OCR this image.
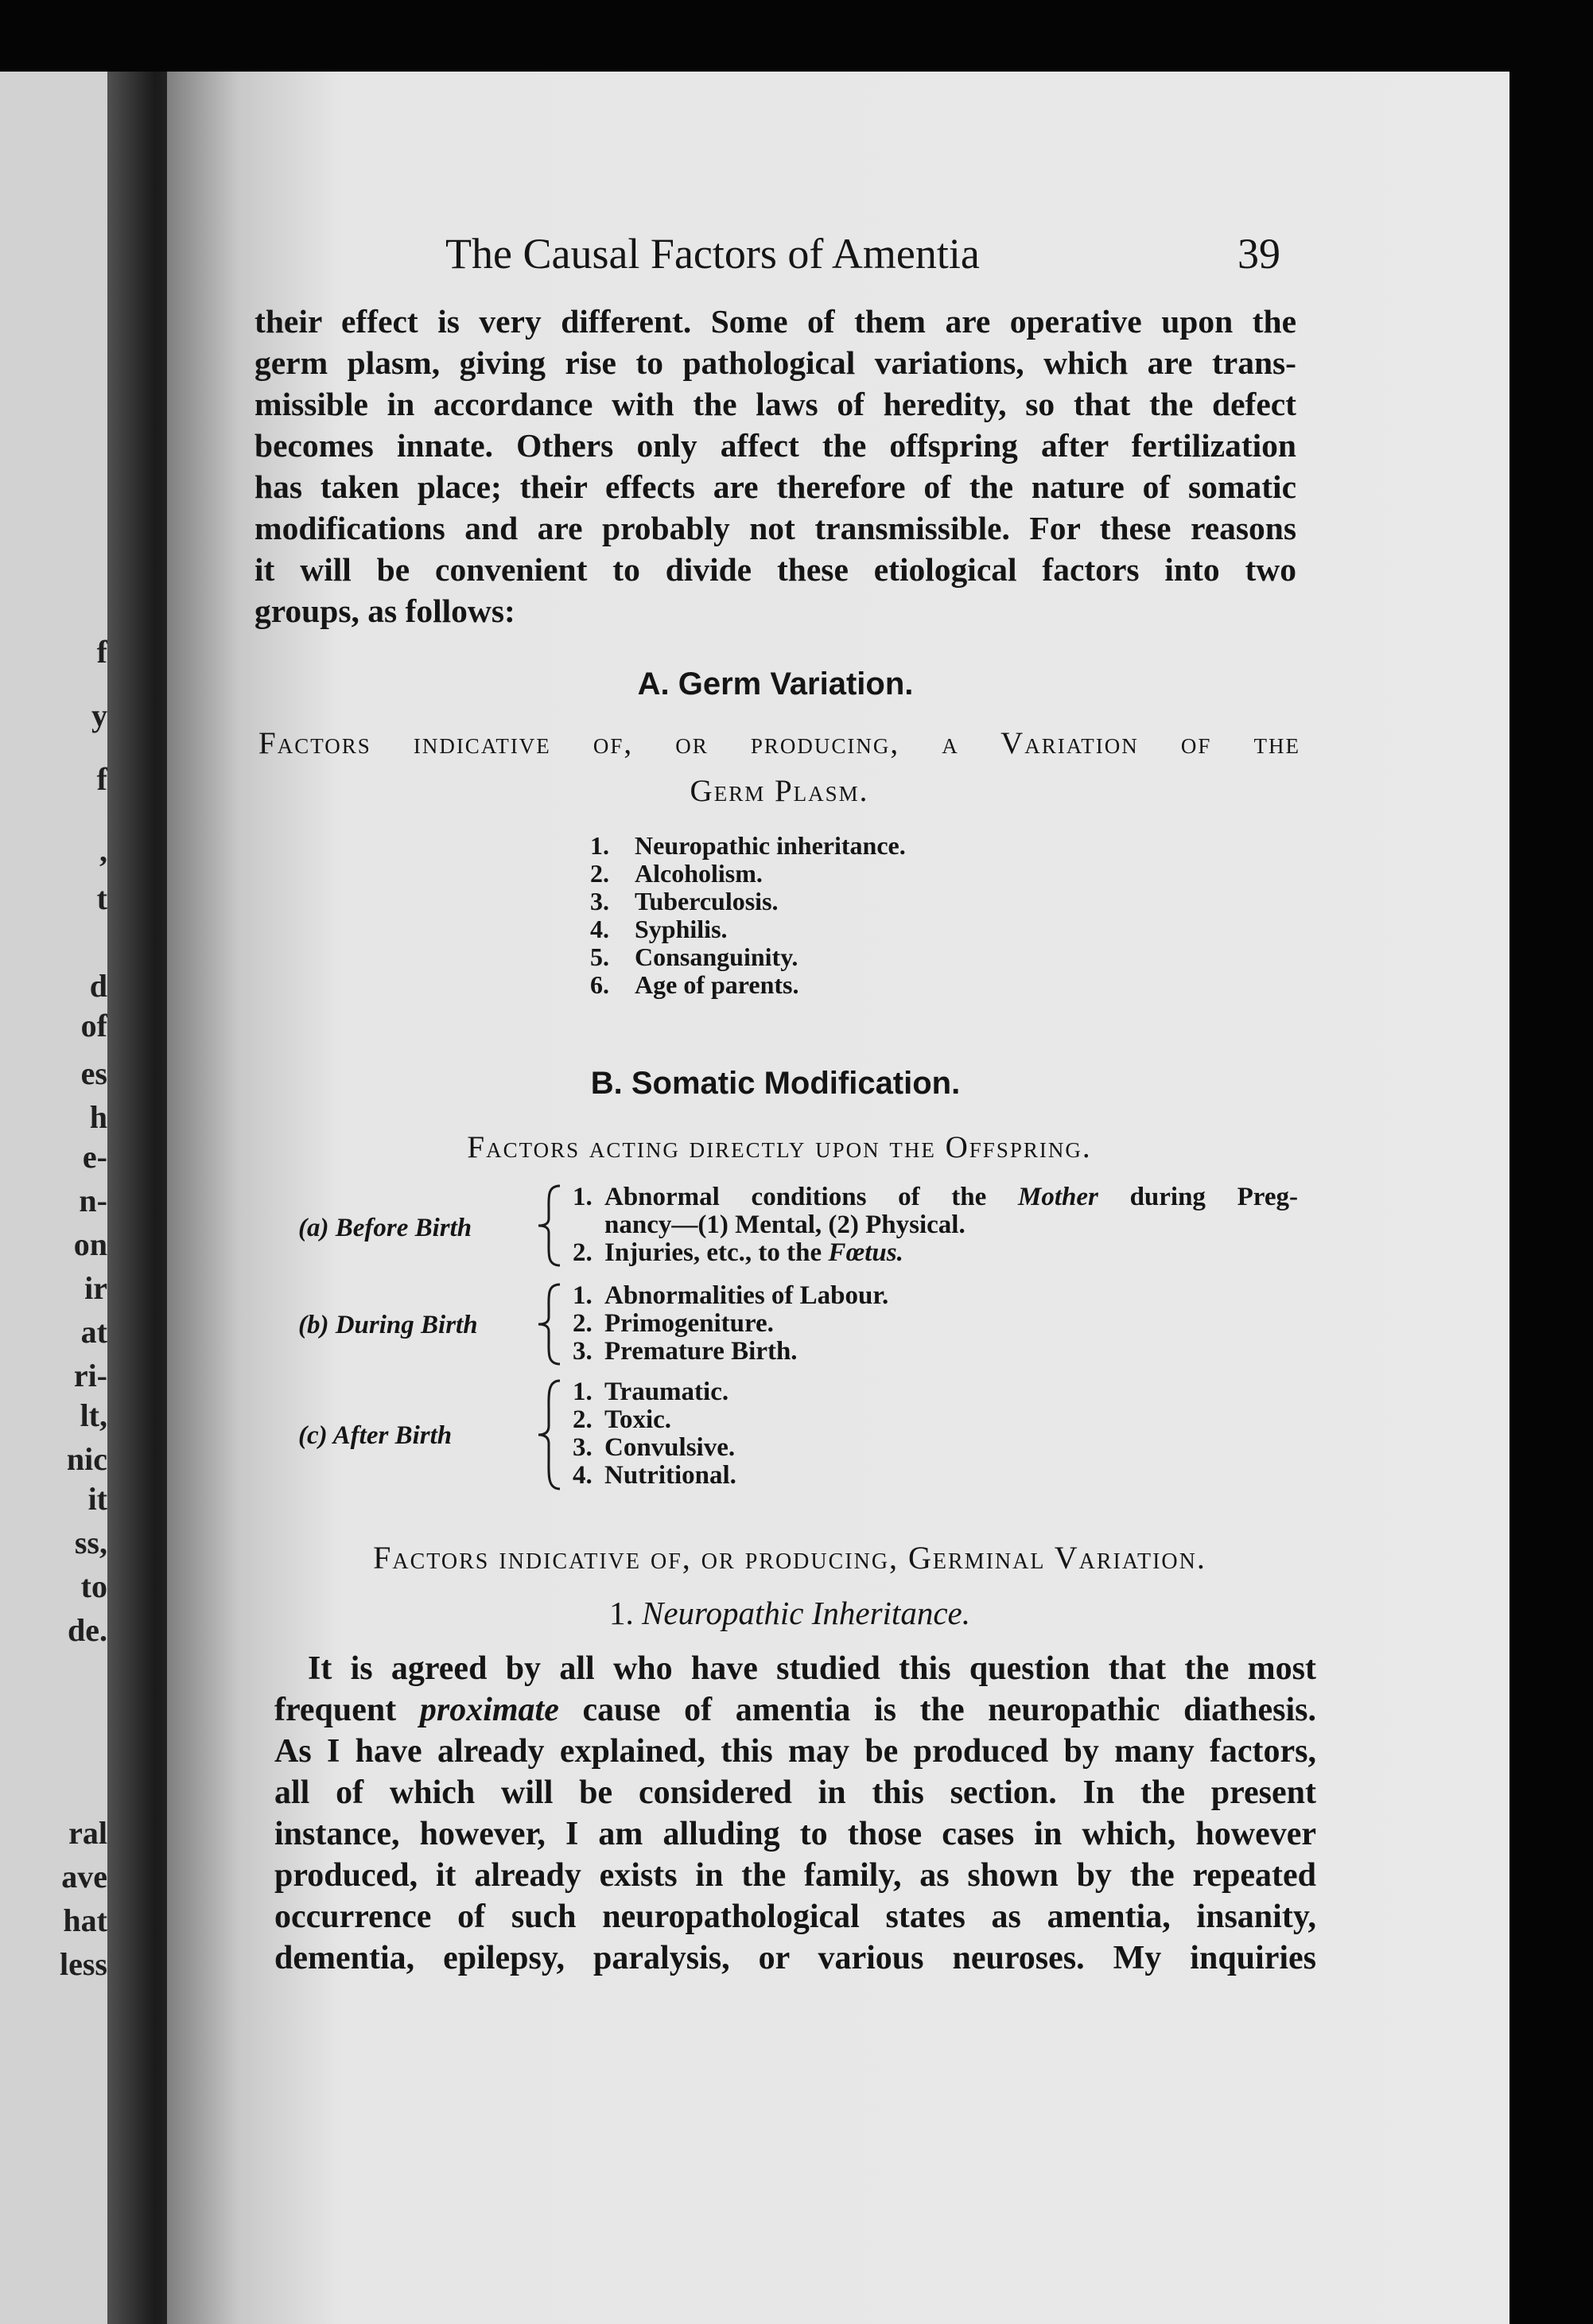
f
y
f
,
t
d
of
es
h
e-
n-
on
ir
at
ri-
lt,
nic
it
ss,
to
de.
ral
ave
hat
less
The Causal Factors of Amentia	39

their effect is very different. Some of them are operative upon the

germ plasm, giving rise to pathological variations, which are trans-

missible in accordance with the laws of heredity, so that the defect

becomes innate. Others only affect the offspring after fertilization

has taken place; their effects are therefore of the nature of somatic

modifications and are probably not transmissible. For these reasons

it will be convenient to divide these etiological factors into two

groups, as follows:

A. Germ Variation.
Factors indicative of, or producing, a Variation of the
Germ Plasm.
1. Neuropathic inheritance.
2. Alcoholism.
3. Tuberculosis.
4. Syphilis.
5. Consanguinity.
6. Age of parents.
B. Somatic Modification.
Factors acting directly upon the Offspring.
(a) Before Birth
1. Abnormal conditions of the Mother during Preg-
nancy—(1) Mental, (2) Physical.
2. Injuries, etc., to the Fœtus.
(b) During Birth
1. Abnormalities of Labour.
2. Primogeniture.
3. Premature Birth.
(c) After Birth
1. Traumatic.
2. Toxic.
3. Convulsive.
4. Nutritional.
Factors indicative of, or producing, Germinal Variation.
1. Neuropathic Inheritance.

It is agreed by all who have studied this question that the most

frequent proximate cause of amentia is the neuropathic diathesis.

As I have already explained, this may be produced by many factors,

all of which will be considered in this section. In the present

instance, however, I am alluding to those cases in which, however

produced, it already exists in the family, as shown by the repeated

occurrence of such neuropathological states as amentia, insanity,

dementia, epilepsy, paralysis, or various neuroses. My inquiries
